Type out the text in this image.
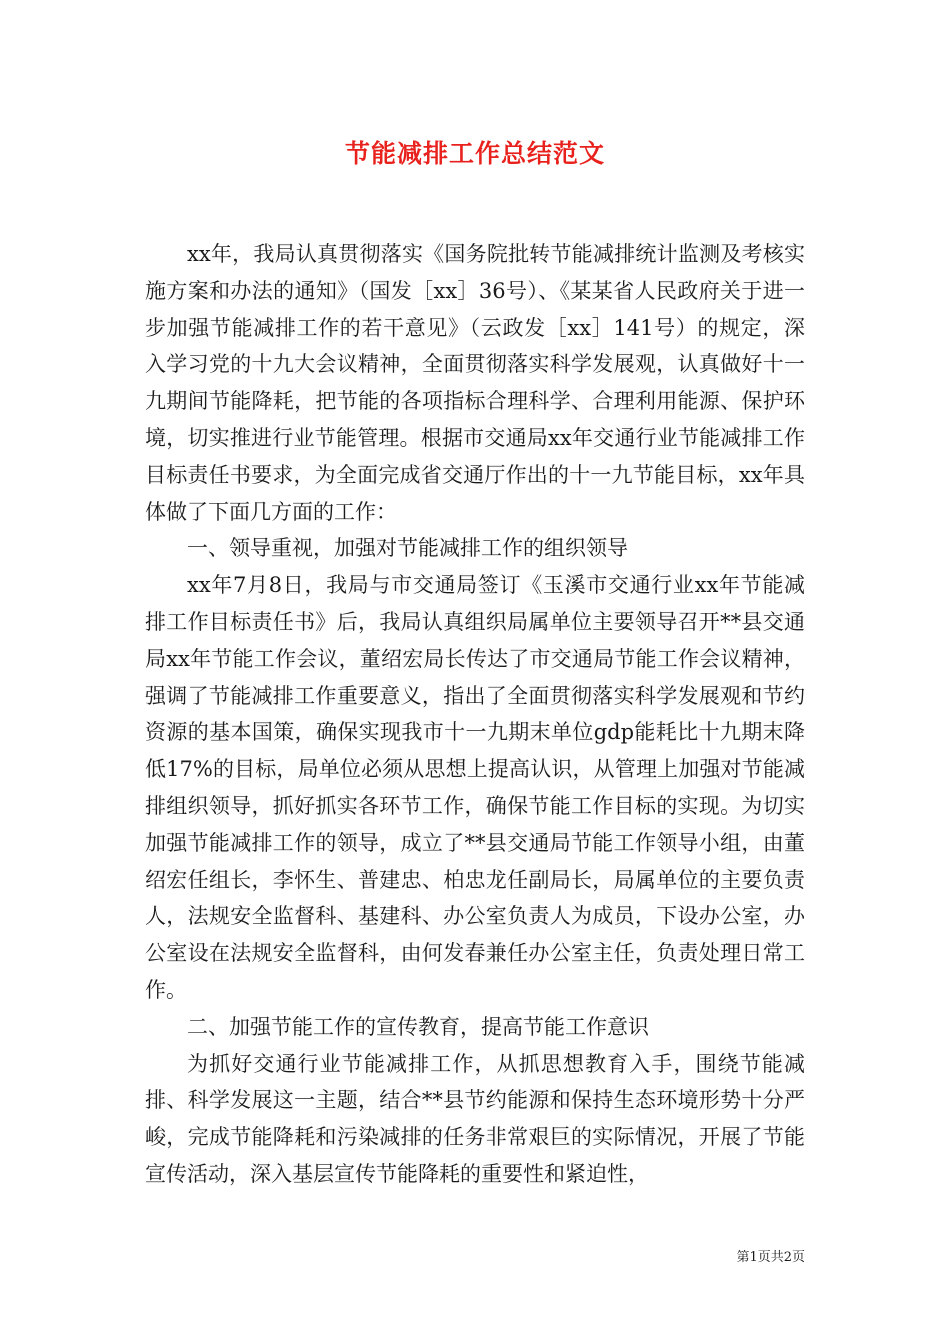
节能减排工作总结范文

xx年，我局认真贯彻落实《国务院批转节能减排统计监测及考核实施方案和办法的通知》（国发［xx］36号）、《某某省人民政府关于进一步加强节能减排工作的若干意见》（云政发［xx］141号）的规定，深入学习党的十九大会议精神，全面贯彻落实科学发展观，认真做好十一九期间节能降耗，把节能的各项指标合理科学、合理利用能源、保护环境，切实推进行业节能管理。根据市交通局xx年交通行业节能减排工作目标责任书要求，为全面完成省交通厅作出的十一九节能目标，xx年具体做了下面几方面的工作：

一、领导重视，加强对节能减排工作的组织领导

xx年7月8日，我局与市交通局签订《玉溪市交通行业xx年节能减排工作目标责任书》后，我局认真组织局属单位主要领导召开**县交通局xx年节能工作会议，董绍宏局长传达了市交通局节能工作会议精神，强调了节能减排工作重要意义，指出了全面贯彻落实科学发展观和节约资源的基本国策，确保实现我市十一九期末单位gdp能耗比十九期末降低17%的目标，局单位必须从思想上提高认识，从管理上加强对节能减排组织领导，抓好抓实各环节工作，确保节能工作目标的实现。为切实加强节能减排工作的领导，成立了**县交通局节能工作领导小组，由董绍宏任组长，李怀生、普建忠、柏忠龙任副局长，局属单位的主要负责人，法规安全监督科、基建科、办公室负责人为成员，下设办公室，办公室设在法规安全监督科，由何发春兼任办公室主任，负责处理日常工作。

二、加强节能工作的宣传教育，提高节能工作意识

为抓好交通行业节能减排工作，从抓思想教育入手，围绕节能减排、科学发展这一主题，结合**县节约能源和保持生态环境形势十分严峻，完成节能降耗和污染减排的任务非常艰巨的实际情况，开展了节能宣传活动，深入基层宣传节能降耗的重要性和紧迫性，

第1页共2页
